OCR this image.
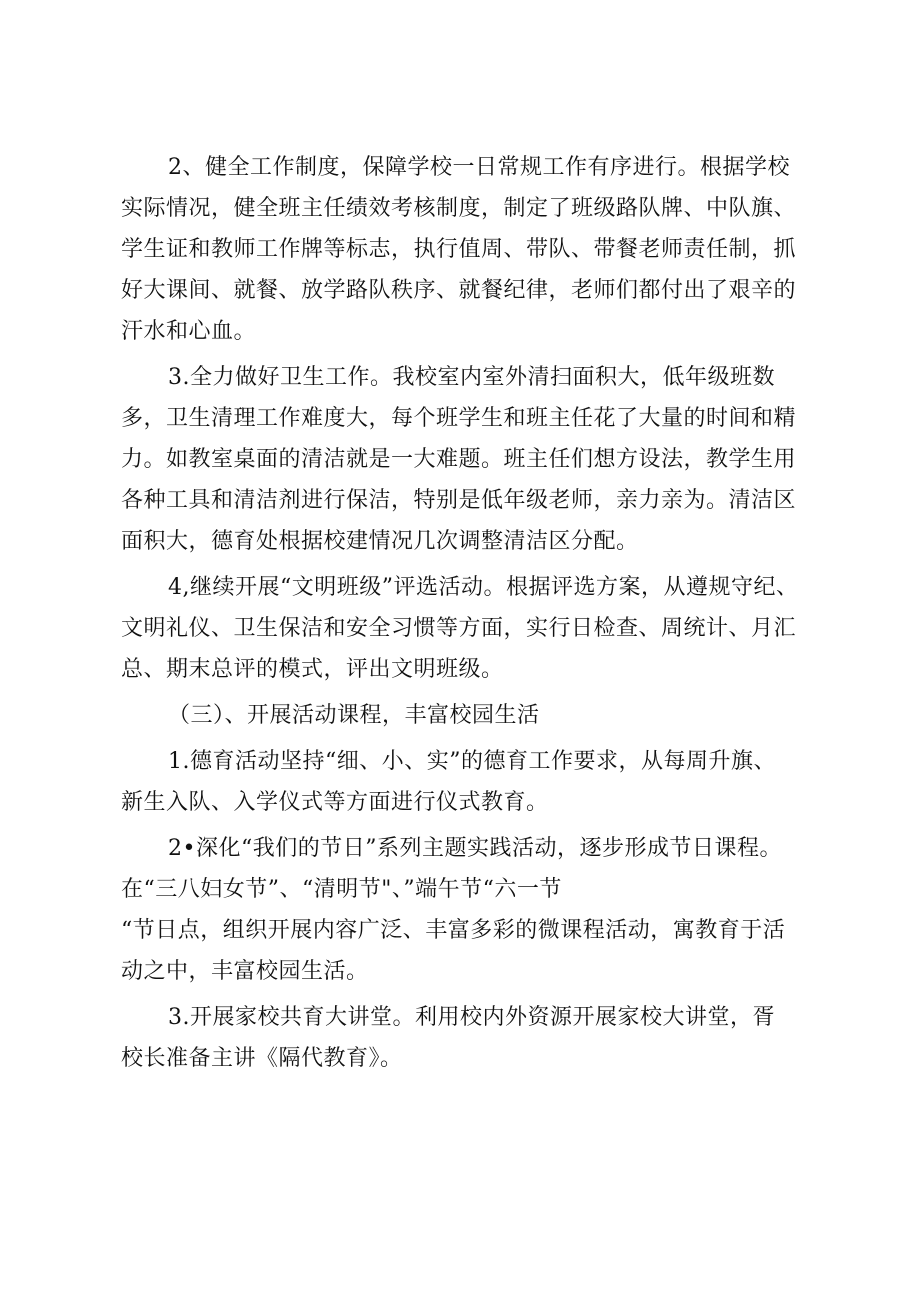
2、健全工作制度，保障学校一日常规工作有序进行。根据学校
实际情况，健全班主任绩效考核制度，制定了班级路队牌、中队旗、
学生证和教师工作牌等标志，执行值周、带队、带餐老师责任制，抓
好大课间、就餐、放学路队秩序、就餐纪律，老师们都付出了艰辛的
汗水和心血。
3.全力做好卫生工作。我校室内室外清扫面积大，低年级班数
多，卫生清理工作难度大，每个班学生和班主任花了大量的时间和精
力。如教室桌面的清洁就是一大难题。班主任们想方设法，教学生用
各种工具和清洁剂进行保洁，特别是低年级老师，亲力亲为。清洁区
面积大，德育处根据校建情况几次调整清洁区分配。
4,继续开展“文明班级”评选活动。根据评选方案，从遵规守纪、
文明礼仪、卫生保洁和安全习惯等方面，实行日检查、周统计、月汇
总、期末总评的模式，评出文明班级。
（三）、开展活动课程，丰富校园生活
1.德育活动坚持“细、小、实”的德育工作要求，从每周升旗、
新生入队、入学仪式等方面进行仪式教育。
2•深化“我们的节日”系列主题实践活动，逐步形成节日课程。
在“三八妇女节”、“清明节"、”端午节“六一节
“节日点，组织开展内容广泛、丰富多彩的微课程活动，寓教育于活
动之中，丰富校园生活。
3.开展家校共育大讲堂。利用校内外资源开展家校大讲堂，胥
校长准备主讲《隔代教育》。
